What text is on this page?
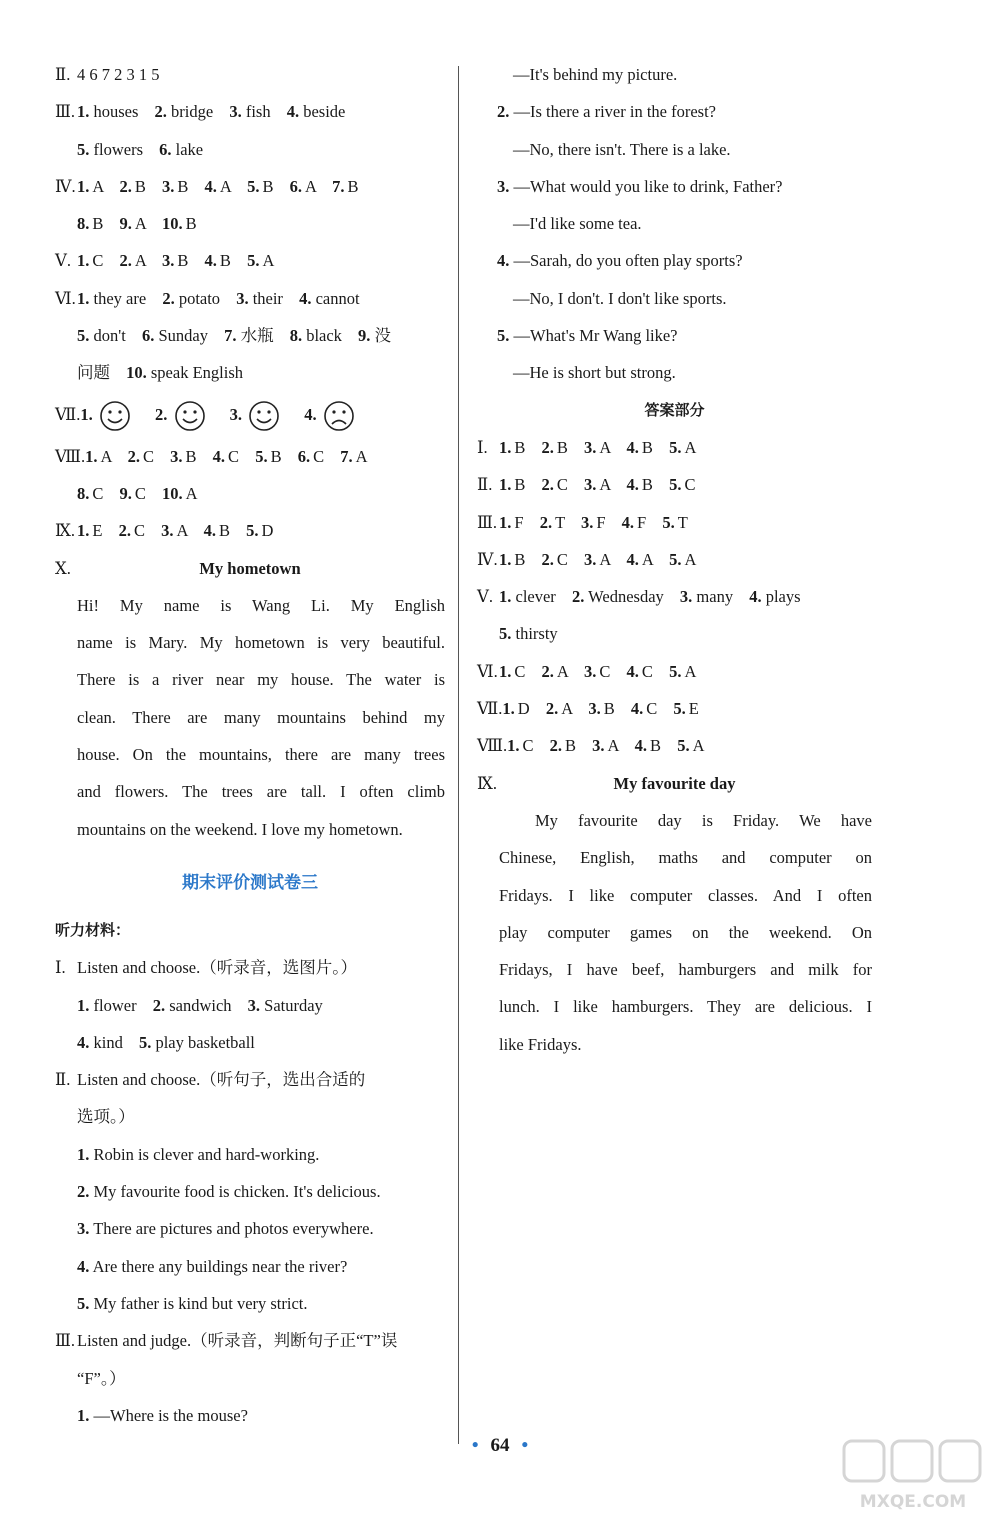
Ⅱ. 4 6 7 2 3 1 5
Ⅲ. 1. houses 2. bridge 3. fish 4. beside
5. flowers 6. lake
Ⅳ.1. A 2. B 3. B 4. A 5. B 6. A 7. B
8. B 9. A 10. B
Ⅴ. 1. C 2. A 3. B 4. B 5. A
Ⅵ.1. they are 2. potato 3. their 4. cannot
5. don't 6. Sunday 7. 水瓶 8. black 9. 没
问题 10. speak English
Ⅶ.1.	2.	3.	4.
Ⅷ.1. A 2. C 3. B 4. C 5. B 6. C 7. A
8. C 9. C 10. A
Ⅸ. 1. E 2. C 3. A 4. B 5. D
Ⅹ.	My hometown
Hi! My name is Wang Li. My English
name is Mary. My hometown is very beautiful.
There is a river near my house. The water is
clean. There are many mountains behind my
house. On the mountains, there are many trees
and flowers. The trees are tall. I often climb
mountains on the weekend. I love my hometown.
期末评价测试卷三
听力材料：
Ⅰ. Listen and choose.（听录音，选图片。）
1. flower 2. sandwich 3. Saturday
4. kind 5. play basketball
Ⅱ. Listen and choose.（听句子，选出合适的
选项。）
1. Robin is clever and hard-working.
2. My favourite food is chicken. It's delicious.
3. There are pictures and photos everywhere.
4. Are there any buildings near the river?
5. My father is kind but very strict.
Ⅲ. Listen and judge.（听录音，判断句子正“T”误
“F”。）
1. —Where is the mouse?
—It's behind my picture.
2. —Is there a river in the forest?
—No, there isn't. There is a lake.
3. —What would you like to drink, Father?
—I'd like some tea.
4. —Sarah, do you often play sports?
—No, I don't. I don't like sports.
5. —What's Mr Wang like?
—He is short but strong.
答案部分
Ⅰ. 1. B 2. B 3. A 4. B 5. A
Ⅱ. 1. B 2. C 3. A 4. B 5. C
Ⅲ. 1. F 2. T 3. F 4. F 5. T
Ⅳ.1. B 2. C 3. A 4. A 5. A
Ⅴ. 1. clever 2. Wednesday 3. many 4. plays
5. thirsty
Ⅵ.1. C 2. A 3. C 4. C 5. A
Ⅶ.1. D 2. A 3. B 4. C 5. E
Ⅷ.1. C 2. B 3. A 4. B 5. A
Ⅸ.	My favourite day
My favourite day is Friday. We have
Chinese, English, maths and computer on
Fridays. I like computer classes. And I often
play computer games on the weekend. On
Fridays, I have beef, hamburgers and milk for
lunch. I like hamburgers. They are delicious. I
like Fridays.
• 64 •
MXQE.COM
